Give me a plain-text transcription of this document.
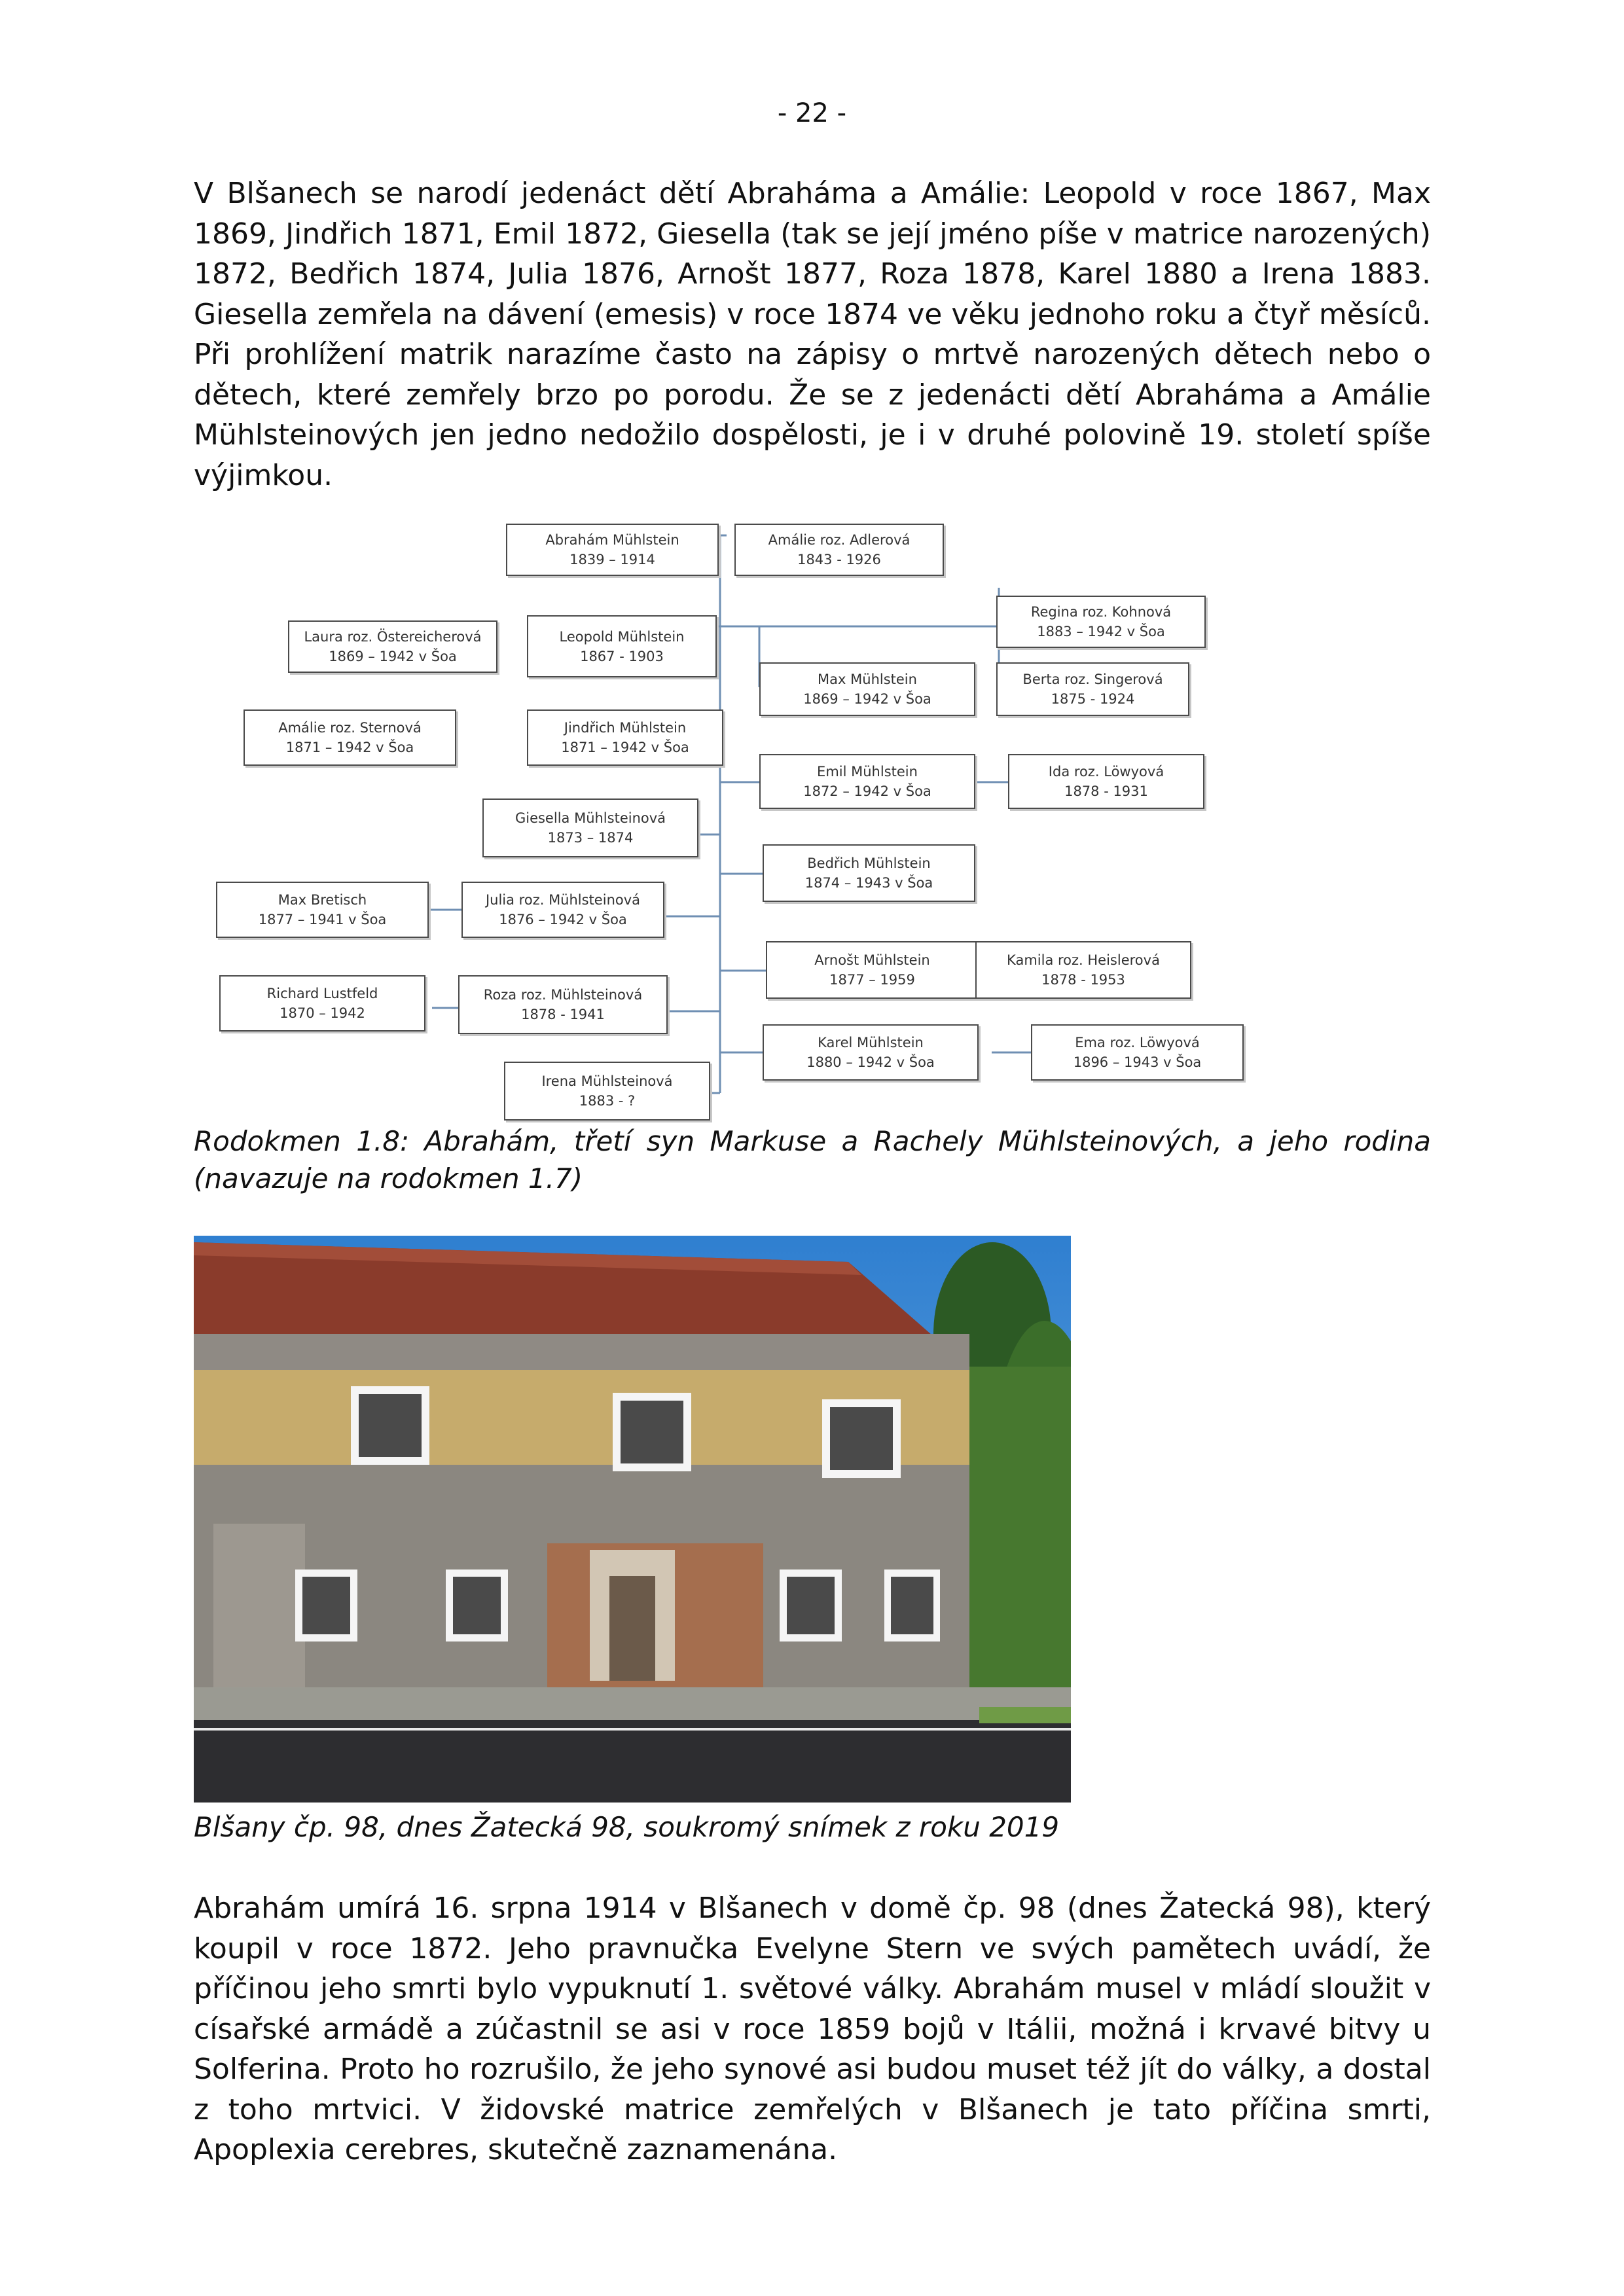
- 22 -

V Blšanech se narodí jedenáct dětí Abraháma a Amálie: Leopold v roce 1867, Max 1869, Jindřich 1871, Emil 1872, Giesella (tak se její jméno píše v matrice narozených) 1872, Bedřich 1874, Julia 1876, Arnošt 1877, Roza 1878, Karel 1880 a Irena 1883. Giesella zemřela na dávení (emesis) v roce 1874 ve věku jednoho roku a čtyř měsíců. Při prohlížení matrik narazíme často na zápisy o mrtvě narozených dětech nebo o dětech, které zemřely brzo po porodu. Že se z jedenácti dětí Abraháma a Amálie Mühlsteinových jen jedno nedožilo dospělosti, je i v druhé polovině 19. století spíše výjimkou.

Abrahám Mühlstein
1839 – 1914
Amálie roz. Adlerová
1843 - 1926
Regina roz. Kohnová
1883 – 1942 v Šoa
Laura roz. Östereicherová
1869 – 1942 v Šoa
Leopold Mühlstein
1867 - 1903
Max Mühlstein
1869 – 1942 v Šoa
Berta roz. Singerová
1875 - 1924
Amálie roz. Sternová
1871 – 1942 v Šoa
Jindřich Mühlstein
1871 – 1942 v Šoa
Emil Mühlstein
1872 – 1942 v Šoa
Ida roz. Löwyová
1878 - 1931
Giesella Mühlsteinová
1873 – 1874
Bedřich Mühlstein
1874 – 1943 v Šoa
Max Bretisch
1877 – 1941 v Šoa
Julia roz. Mühlsteinová
1876 – 1942 v Šoa
Arnošt Mühlstein
1877 – 1959
Kamila roz. Heislerová
1878 - 1953
Richard Lustfeld
1870 – 1942
Roza roz. Mühlsteinová
1878 - 1941
Karel Mühlstein
1880 – 1942 v Šoa
Ema roz. Löwyová
1896 – 1943 v Šoa
Irena Mühlsteinová
1883 - ?

Rodokmen 1.8: Abrahám, třetí syn Markuse a Rachely Mühlsteinových, a jeho rodina (navazuje na rodokmen 1.7)

Blšany čp. 98, dnes Žatecká 98, soukromý snímek z roku 2019

Abrahám umírá 16. srpna 1914 v Blšanech v domě čp. 98 (dnes Žatecká 98), který koupil v roce 1872. Jeho pravnučka Evelyne Stern ve svých pamětech uvádí, že příčinou jeho smrti bylo vypuknutí 1. světové války. Abrahám musel v mládí sloužit v císařské armádě a zúčastnil se asi v roce 1859 bojů v Itálii, možná i krvavé bitvy u Solferina. Proto ho rozrušilo, že jeho synové asi budou muset též jít do války, a dostal z toho mrtvici. V židovské matrice zemřelých v Blšanech je tato příčina smrti, Apoplexia cerebres, skutečně zaznamenána.
